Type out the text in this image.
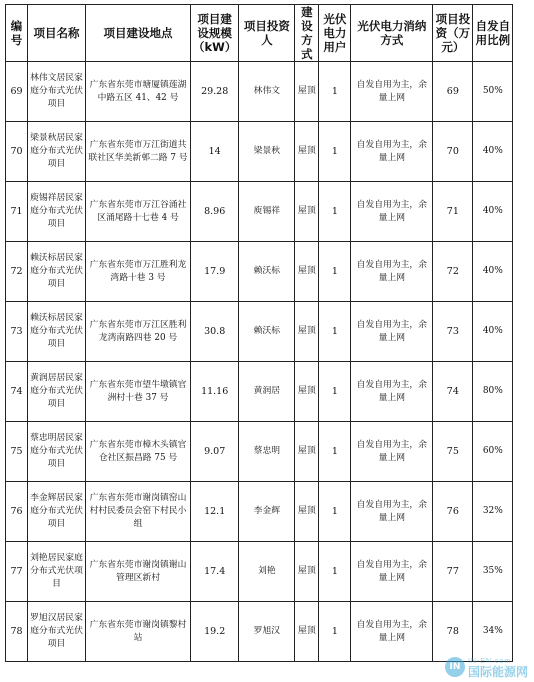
编号	项目名称	项目建设地点	项目建设规模（kW）	项目投资人	建设方式	光伏电力用户	光伏电力消纳方式	项目投资（万元）	自发自用比例
69	林伟文居民家庭分布式光伏项目	广东省东莞市塘厦镇莲湖中路五区 41、42 号	29.28	林伟文	屋顶	1	自发自用为主，余量上网	69	50%
70	梁景秋居民家庭分布式光伏项目	广东省东莞市万江街道共联社区华美新邨二路 7 号	14	梁景秋	屋顶	1	自发自用为主，余量上网	70	40%
71	庾锡祥居民家庭分布式光伏项目	广东省东莞市万江谷涌社区涌尾路十七巷 4 号	8.96	庾锡祥	屋顶	1	自发自用为主，余量上网	71	40%
72	赖沃标居民家庭分布式光伏项目	广东省东莞市万江胜利龙湾路十巷 3 号	17.9	赖沃标	屋顶	1	自发自用为主，余量上网	72	40%
73	赖沃标居民家庭分布式光伏项目	广东省东莞市万江区胜利龙湾南路四巷 20 号	30.8	赖沃标	屋顶	1	自发自用为主，余量上网	73	40%
74	黄润居居民家庭分布式光伏项目	广东省东莞市望牛墩镇官洲村十巷 37 号	11.16	黄润居	屋顶	1	自发自用为主，余量上网	74	80%
75	蔡忠明居民家庭分布式光伏项目	广东省东莞市樟木头镇官仓社区振昌路 75 号	9.07	蔡忠明	屋顶	1	自发自用为主，余量上网	75	60%
76	李金辉居民家庭分布式光伏项目	广东省东莞市谢岗镇窑山村村民委员会窑下村民小组	12.1	李金辉	屋顶	1	自发自用为主，余量上网	76	32%
77	刘艳居民家庭分布式光伏项目	广东省东莞市谢岗镇谢山管理区新村	17.4	刘艳	屋顶	1	自发自用为主，余量上网	77	35%
78	罗旭汉居民家庭分布式光伏项目	广东省东莞市谢岗镇黎村站	19.2	罗旭汉	屋顶	1	自发自用为主，余量上网	78	34%
IN
IN-EN.com
国际能源网
